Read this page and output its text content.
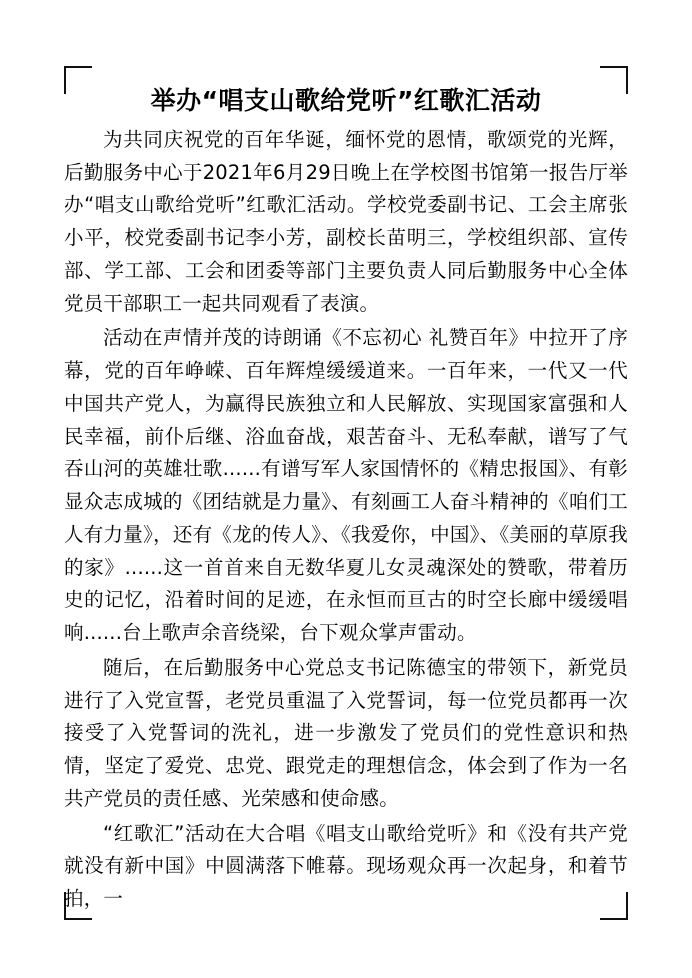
举办“唱支山歌给党听”红歌汇活动

为共同庆祝党的百年华诞，缅怀党的恩情，歌颂党的光辉，后勤服务中心于2021年6月29日晚上在学校图书馆第一报告厅举办“唱支山歌给党听”红歌汇活动。学校党委副书记、工会主席张小平，校党委副书记李小芳，副校长苗明三，学校组织部、宣传部、学工部、工会和团委等部门主要负责人同后勤服务中心全体党员干部职工一起共同观看了表演。

活动在声情并茂的诗朗诵《不忘初心 礼赞百年》中拉开了序幕，党的百年峥嵘、百年辉煌缓缓道来。一百年来，一代又一代中国共产党人，为赢得民族独立和人民解放、实现国家富强和人民幸福，前仆后继、浴血奋战，艰苦奋斗、无私奉献，谱写了气吞山河的英雄壮歌......有谱写军人家国情怀的《精忠报国》、有彰显众志成城的《团结就是力量》、有刻画工人奋斗精神的《咱们工人有力量》，还有《龙的传人》、《我爱你，中国》、《美丽的草原我的家》......这一首首来自无数华夏儿女灵魂深处的赞歌，带着历史的记忆，沿着时间的足迹，在永恒而亘古的时空长廊中缓缓唱响......台上歌声余音绕梁，台下观众掌声雷动。

随后，在后勤服务中心党总支书记陈德宝的带领下，新党员进行了入党宣誓，老党员重温了入党誓词，每一位党员都再一次接受了入党誓词的洗礼，进一步激发了党员们的党性意识和热情，坚定了爱党、忠党、跟党走的理想信念，体会到了作为一名共产党员的责任感、光荣感和使命感。

“红歌汇”活动在大合唱《唱支山歌给党听》和《没有共产党就没有新中国》中圆满落下帷幕。现场观众再一次起身，和着节拍，一
